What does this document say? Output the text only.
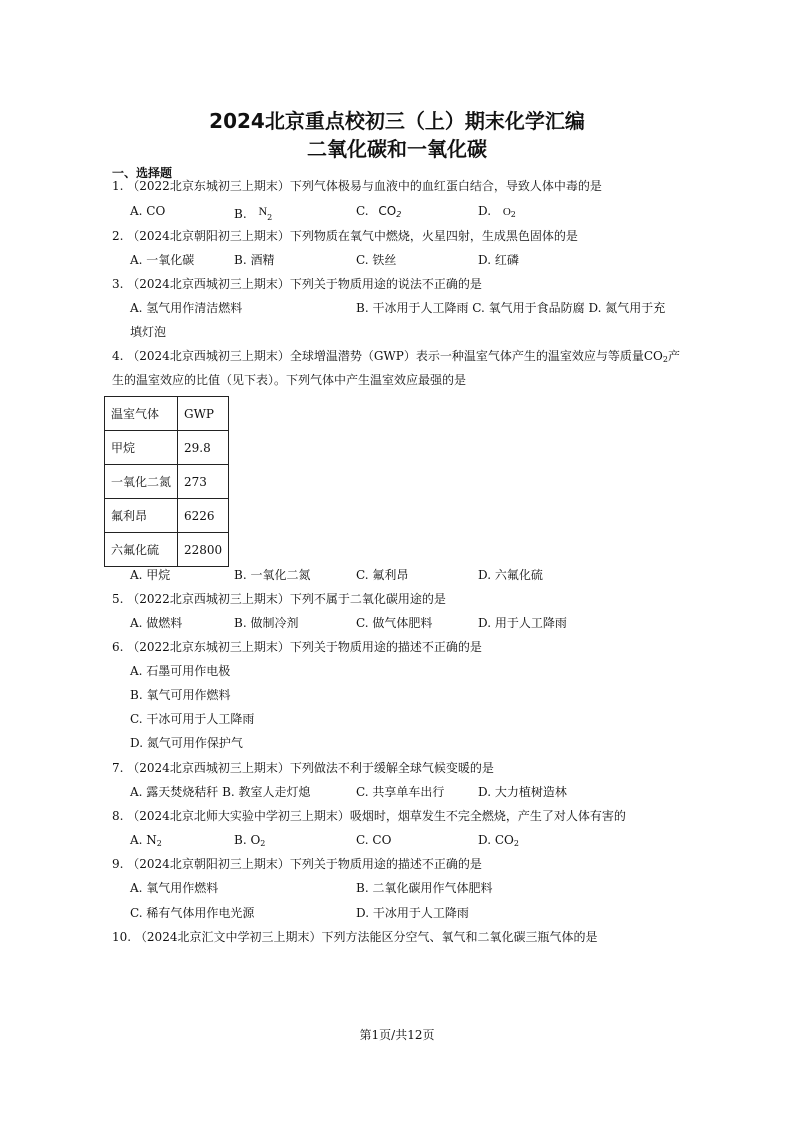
2024北京重点校初三（上）期末化学汇编
二氧化碳和一氧化碳
一、选择题
1. （2022北京东城初三上期末）下列气体极易与血液中的血红蛋白结合，导致人体中毒的是
A. CO	B. $N_2$	C. $CO_2$	D. $O_2$
2. （2024北京朝阳初三上期末）下列物质在氧气中燃烧，火星四射，生成黑色固体的是
A. 一氧化碳	B. 酒精	C. 铁丝	D. 红磷
3. （2024北京西城初三上期末）下列关于物质用途的说法不正确的是
A. 氢气用作清洁燃料	B. 干冰用于人工降雨 C. 氧气用于食品防腐 D. 氮气用于充
填灯泡
4. （2024北京西城初三上期末）全球增温潜势（GWP）表示一种温室气体产生的温室效应与等质量$CO_2$产
生的温室效应的比值（见下表）。下列气体中产生温室效应最强的是
温室气体	GWP
甲烷	29.8
一氧化二氮	273
氟利昂	6226
六氟化硫	22800
A. 甲烷	B. 一氧化二氮	C. 氟利昂	D. 六氟化硫
5. （2022北京西城初三上期末）下列不属于二氧化碳用途的是
A. 做燃料	B. 做制冷剂	C. 做气体肥料	D. 用于人工降雨
6. （2022北京东城初三上期末）下列关于物质用途的描述不正确的是
A. 石墨可用作电极
B. 氧气可用作燃料
C. 干冰可用于人工降雨
D. 氮气可用作保护气
7. （2024北京西城初三上期末）下列做法不利于缓解全球气候变暖的是
A. 露天焚烧秸秆 B. 教室人走灯熄	C. 共享单车出行	D. 大力植树造林
8. （2024北京北师大实验中学初三上期末）吸烟时，烟草发生不完全燃烧，产生了对人体有害的
A. $N_2$	B. $O_2$	C. CO	D. $CO_2$
9. （2024北京朝阳初三上期末）下列关于物质用途的描述不正确的是
A. 氧气用作燃料	B. 二氧化碳用作气体肥料
C. 稀有气体用作电光源	D. 干冰用于人工降雨
10. （2024北京汇文中学初三上期末）下列方法能区分空气、氧气和二氧化碳三瓶气体的是
第1页/共12页
